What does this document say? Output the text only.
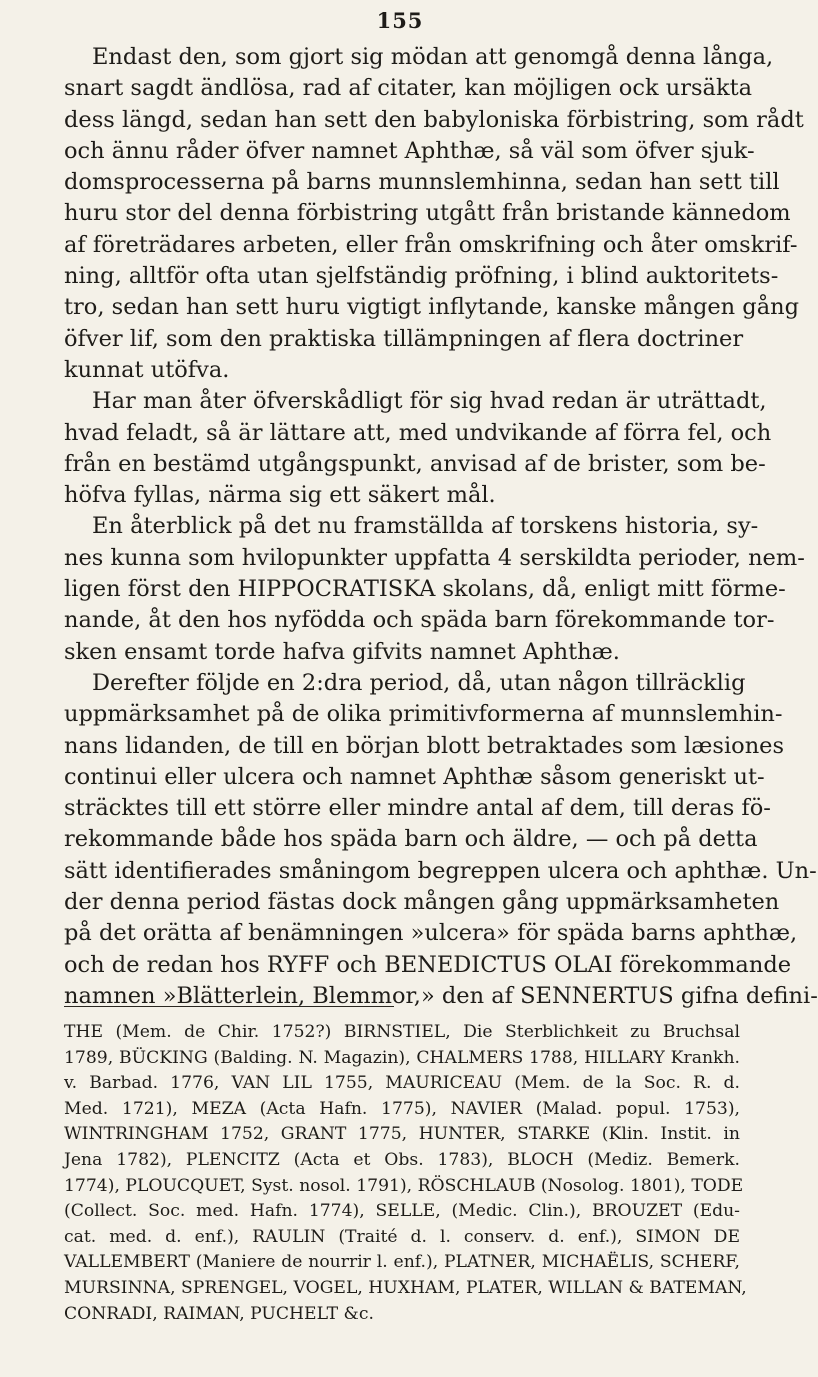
155
Endast den, som gjort sig mödan att genomgå denna långa,
snart sagdt ändlösa, rad af citater, kan möjligen ock ursäkta
dess längd, sedan han sett den babyloniska förbistring, som rådt
och ännu råder öfver namnet Aphthæ, så väl som öfver sjuk-
domsprocesserna på barns munnslemhinna, sedan han sett till
huru stor del denna förbistring utgått från bristande kännedom
af företrädares arbeten, eller från omskrifning och åter omskrif-
ning, alltför ofta utan sjelfständig pröfning, i blind auktoritets-
tro, sedan han sett huru vigtigt inflytande, kanske mången gång
öfver lif, som den praktiska tillämpningen af flera doctriner
kunnat utöfva.
Har man åter öfverskådligt för sig hvad redan är uträttadt,
hvad feladt, så är lättare att, med undvikande af förra fel, och
från en bestämd utgångspunkt, anvisad af de brister, som be-
höfva fyllas, närma sig ett säkert mål.
En återblick på det nu framställda af torskens historia, sy-
nes kunna som hvilopunkter uppfatta 4 serskildta perioder, nem-
ligen först den HIPPOCRATISKA skolans, då, enligt mitt förme-
nande, åt den hos nyfödda och späda barn förekommande tor-
sken ensamt torde hafva gifvits namnet Aphthæ.
Derefter följde en 2:dra period, då, utan någon tillräcklig
uppmärksamhet på de olika primitivformerna af munnslemhin-
nans lidanden, de till en början blott betraktades som læsiones
continui eller ulcera och namnet Aphthæ såsom generiskt ut-
sträcktes till ett större eller mindre antal af dem, till deras fö-
rekommande både hos späda barn och äldre, — och på detta
sätt identifierades småningom begreppen ulcera och aphthæ. Un-
der denna period fästas dock mången gång uppmärksamheten
på det orätta af benämningen »ulcera» för späda barns aphthæ,
och de redan hos RYFF och BENEDICTUS OLAI förekommande
namnen »Blätterlein, Blemmor,» den af SENNERTUS gifna defini-
THE (Mem. de Chir. 1752?) BIRNSTIEL, Die Sterblichkeit zu Bruchsal
1789, BÜCKING (Balding. N. Magazin), CHALMERS 1788, HILLARY Krankh.
v. Barbad. 1776, VAN LIL 1755, MAURICEAU (Mem. de la Soc. R. d.
Med. 1721), MEZA (Acta Hafn. 1775), NAVIER (Malad. popul. 1753),
WINTRINGHAM 1752, GRANT 1775, HUNTER, STARKE (Klin. Instit. in
Jena 1782), PLENCITZ (Acta et Obs. 1783), BLOCH (Mediz. Bemerk.
1774), PLOUCQUET, Syst. nosol. 1791), RÖSCHLAUB (Nosolog. 1801), TODE
(Collect. Soc. med. Hafn. 1774), SELLE, (Medic. Clin.), BROUZET (Edu-
cat. med. d. enf.), RAULIN (Traité d. l. conserv. d. enf.), SIMON DE
VALLEMBERT (Maniere de nourrir l. enf.), PLATNER, MICHAËLIS, SCHERF,
MURSINNA, SPRENGEL, VOGEL, HUXHAM, PLATER, WILLAN & BATEMAN,
CONRADI, RAIMAN, PUCHELT &c.
